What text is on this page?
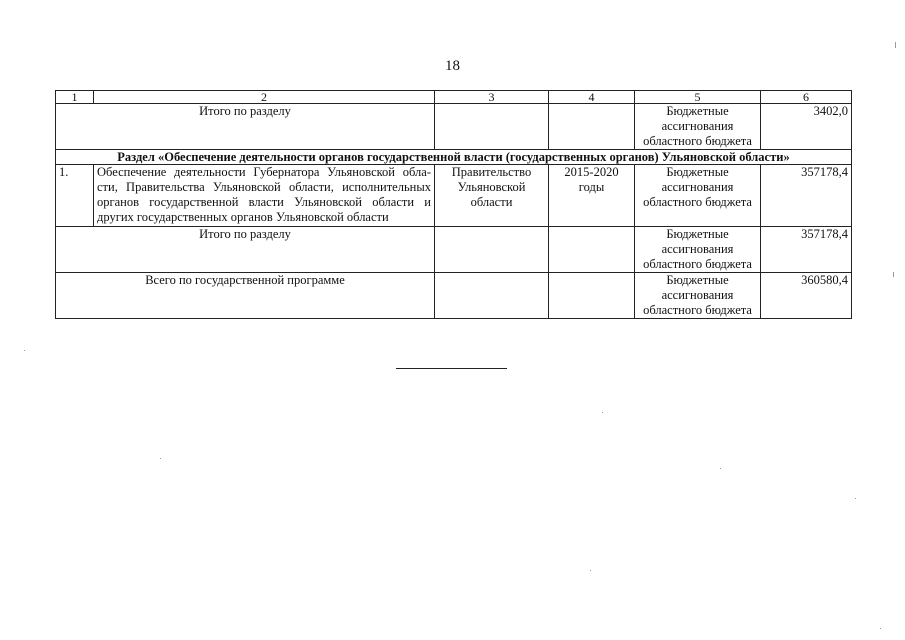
18
1	2	3	4	5	6
Итого по разделу				Бюджетные ассигнования областного бюджета	3402,0
Раздел «Обеспечение деятельности органов государственной власти (государственных органов) Ульяновской области»					
1.	Обеспечение деятельности Губернатора Ульяновской обла-сти, Правительства Ульяновской области, исполнительных органов государственной власти Ульяновской области и других государственных органов Ульяновской области	Правительство Ульяновской области	2015-2020 годы	Бюджетные ассигнования областного бюджета	357178,4
Итого по разделу				Бюджетные ассигнования областного бюджета	357178,4
Всего по государственной программе				Бюджетные ассигнования областного бюджета	360580,4
